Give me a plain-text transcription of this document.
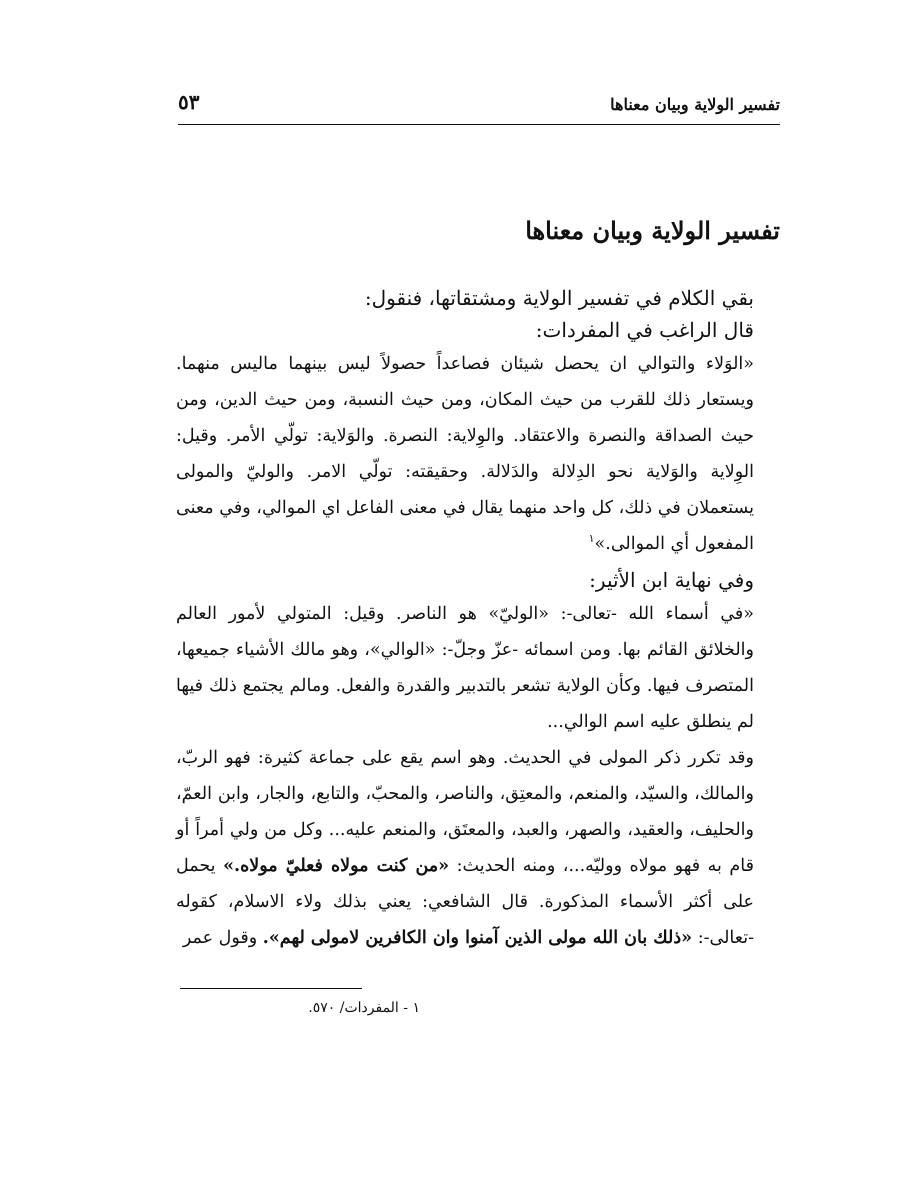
تفسير الولاية وبيان معناها
٥٣
تفسير الولاية وبيان معناها

بقي الكلام في تفسير الولاية ومشتقاتها، فنقول:

قال الراغب في المفردات:

«الوَلاء والتوالي ان يحصل شيئان فصاعداً حصولاً ليس بينهما ماليس منهما. ويستعار ذلك للقرب من حيث المكان، ومن حيث النسبة، ومن حيث الدين، ومن حيث الصداقة والنصرة والاعتقاد. والوِلاية: النصرة. والوَلاية: تولّي الأمر. وقيل: الوِلاية والوَلاية نحو الدِلالة والدَلالة. وحقيقته: تولّي الامر. والوليّ والمولى يستعملان في ذلك، كل واحد منهما يقال في معنى الفاعل اي الموالي، وفي معنى المفعول أي الموالى.»$^١$

وفي نهاية ابن الأثير:

«في أسماء الله -تعالى-: «الوليّ» هو الناصر. وقيل: المتولي لأمور العالم والخلائق القائم بها. ومن اسمائه -عزّ وجلّ-: «الوالي»، وهو مالك الأشياء جميعها، المتصرف فيها. وكأن الولاية تشعر بالتدبير والقدرة والفعل. ومالم يجتمع ذلك فيها لم ينطلق عليه اسم الوالي...

وقد تكرر ذكر المولى في الحديث. وهو اسم يقع على جماعة كثيرة: فهو الربّ، والمالك، والسيّد، والمنعم، والمعتِق، والناصر، والمحبّ، والتابع، والجار، وابن العمّ، والحليف، والعقيد، والصهر، والعبد، والمعتَق، والمنعم عليه... وكل من ولي أمراً أو قام به فهو مولاه ووليّه...، ومنه الحديث: «من كنت مولاه فعليّ مولاه.» يحمل على أكثر الأسماء المذكورة. قال الشافعي: يعني بذلك ولاء الاسلام، كقوله -تعالى-: «ذلك بان الله مولى الذين آمنوا وان الكافرين لامولى لهم». وقول عمر

١ - المفردات/ ٥٧٠.
